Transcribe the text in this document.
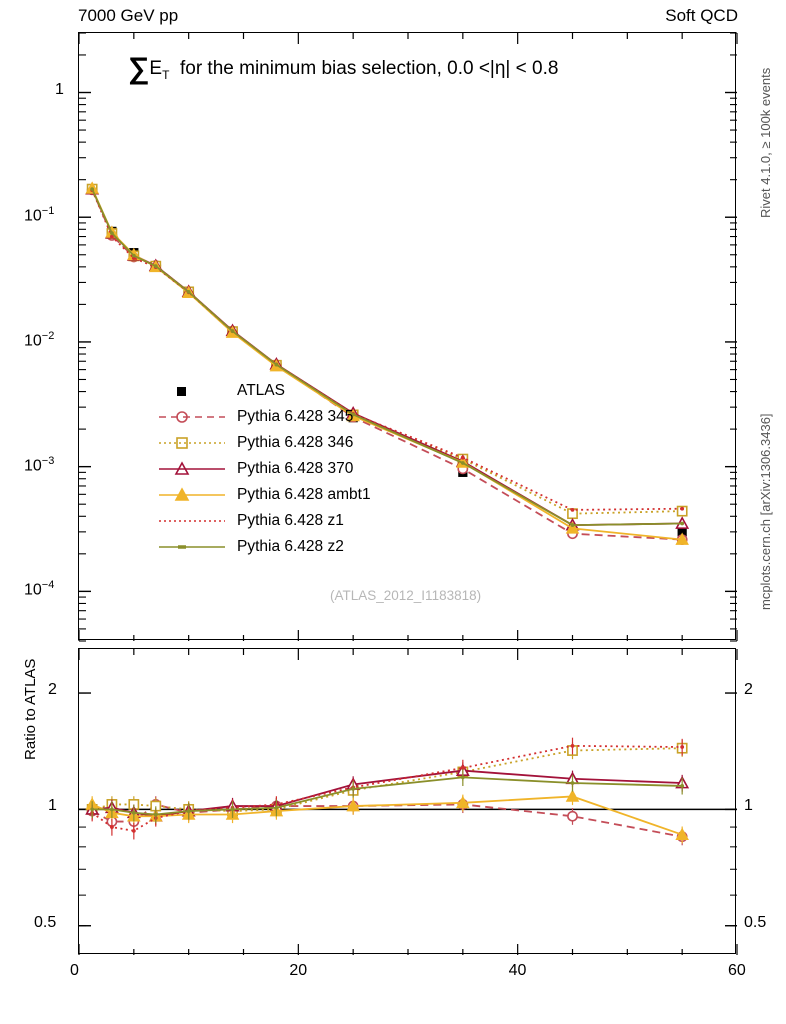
7000 GeV pp	Soft QCD
$\sum E_T$ for the minimum bias selection, 0.0 <|η| < 0.8
(ATLAS_2012_I1183818)
ATLAS
Pythia 6.428 345
Pythia 6.428 346
Pythia 6.428 370
Pythia 6.428 ambt1
Pythia 6.428 z1
Pythia 6.428 z2
Ratio to ATLAS
Rivet 4.1.0, ≥ 100k events
mcplots.cern.ch [arXiv:1306.3436]
1
$10^{-1}$
$10^{-2}$
$10^{-3}$
$10^{-4}$
2	2
1	1
0.5	0.5
0	20	40	60
